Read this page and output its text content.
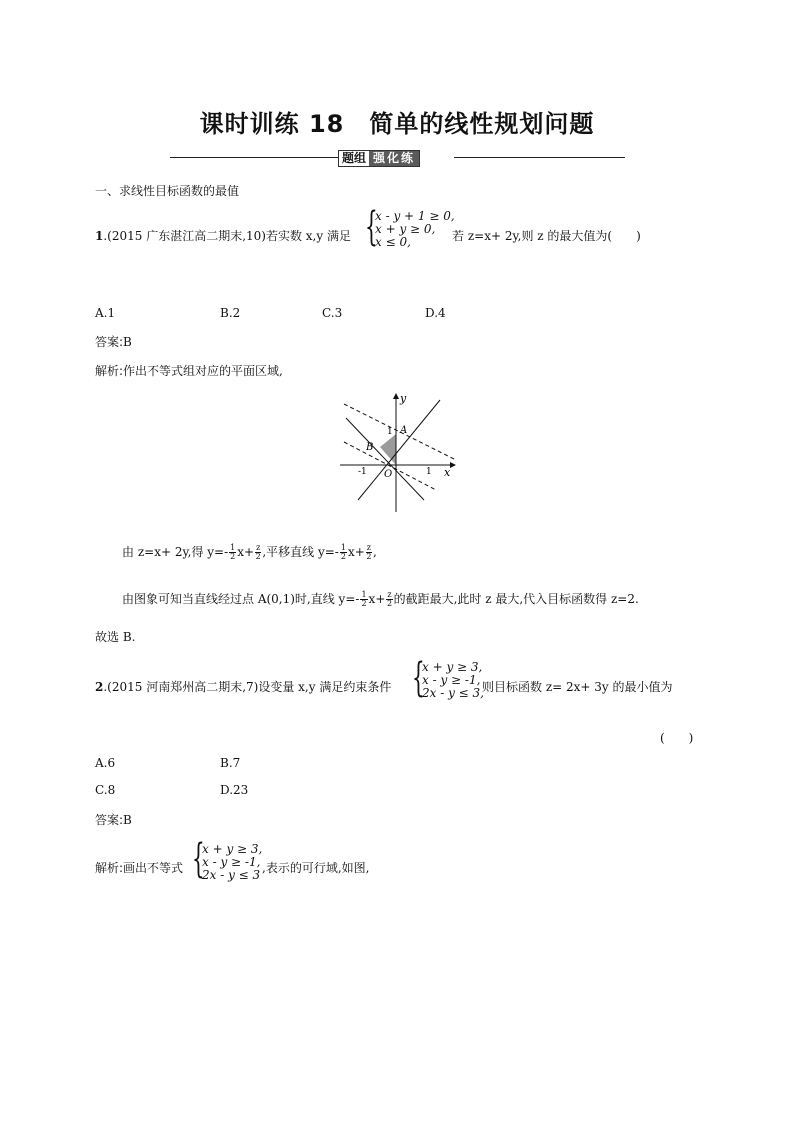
课时训练 18　简单的线性规划问题
题组 强化练
一、求线性目标函数的最值
1.(2015 广东湛江高二期末,10)若实数 x,y 满足 {
x - y + 1 ≥ 0,
x + y ≥ 0,
x ≤ 0,	若 z=x+ 2y,则 z 的最大值为(　　)
A.1	B.2	C.3	D.4
答案:B
解析:作出不等式组对应的平面区域,
y
x
A
B
O
1
-1	1
由 z=x+ 2y,得 $y=- \frac{1}{2} x+ \frac{z}{2}$ ,平移直线 $y=- \frac{1}{2} x+ \frac{z}{2}$ ,
由图象可知当直线经过点 A(0,1)时,直线 $y=- \frac{1}{2} x+ \frac{z}{2}$ 的截距最大,此时 z 最大,代入目标函数得 z=2.
故选 B.
2.(2015 河南郑州高二期末,7)设变量 x,y 满足约束条件 {
x + y ≥ 3,
x - y ≥ -1,
2x - y ≤ 3,
则目标函数 z= 2x+ 3y 的最小值为
(　　)
A.6	B.7
C.8	D.23
答案:B
解析:画出不等式 {
x + y ≥ 3,
x - y ≥ -1,
2x - y ≤ 3 ,表示的可行域,如图,
